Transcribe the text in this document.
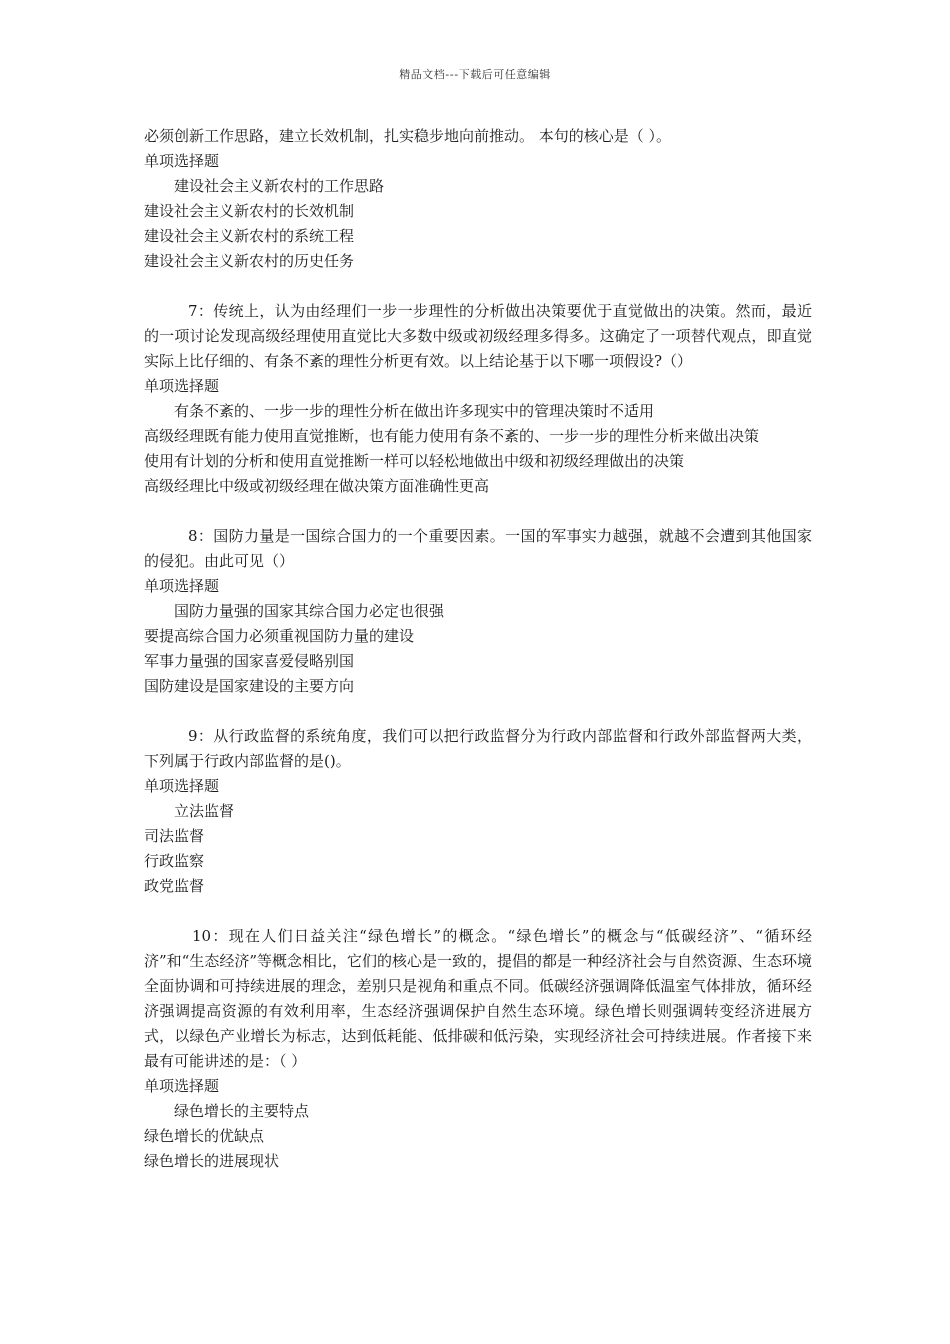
精品文档---下载后可任意编辑

必须创新工作思路，建立长效机制，扎实稳步地向前推动。 本句的核心是（ ）。

单项选择题

建设社会主义新农村的工作思路

建设社会主义新农村的长效机制

建设社会主义新农村的系统工程

建设社会主义新农村的历史任务

7：传统上，认为由经理们一步一步理性的分析做出决策要优于直觉做出的决策。然而，最近的一项讨论发现高级经理使用直觉比大多数中级或初级经理多得多。这确定了一项替代观点，即直觉实际上比仔细的、有条不紊的理性分析更有效。以上结论基于以下哪一项假设?（）

单项选择题

有条不紊的、一步一步的理性分析在做出许多现实中的管理决策时不适用

高级经理既有能力使用直觉推断，也有能力使用有条不紊的、一步一步的理性分析来做出决策

使用有计划的分析和使用直觉推断一样可以轻松地做出中级和初级经理做出的决策

高级经理比中级或初级经理在做决策方面准确性更高

8：国防力量是一国综合国力的一个重要因素。一国的军事实力越强，就越不会遭到其他国家的侵犯。由此可见（）

单项选择题

国防力量强的国家其综合国力必定也很强

要提高综合国力必须重视国防力量的建设

军事力量强的国家喜爱侵略别国

国防建设是国家建设的主要方向

9：从行政监督的系统角度，我们可以把行政监督分为行政内部监督和行政外部监督两大类，下列属于行政内部监督的是()。

单项选择题

立法监督

司法监督

行政监察

政党监督

10：现在人们日益关注“绿色增长”的概念。“绿色增长”的概念与“低碳经济”、“循环经济”和“生态经济”等概念相比，它们的核心是一致的，提倡的都是一种经济社会与自然资源、生态环境全面协调和可持续进展的理念，差别只是视角和重点不同。低碳经济强调降低温室气体排放，循环经济强调提高资源的有效利用率，生态经济强调保护自然生态环境。绿色增长则强调转变经济进展方式，以绿色产业增长为标志，达到低耗能、低排碳和低污染，实现经济社会可持续进展。作者接下来最有可能讲述的是：（ ）

单项选择题

绿色增长的主要特点

绿色增长的优缺点

绿色增长的进展现状
